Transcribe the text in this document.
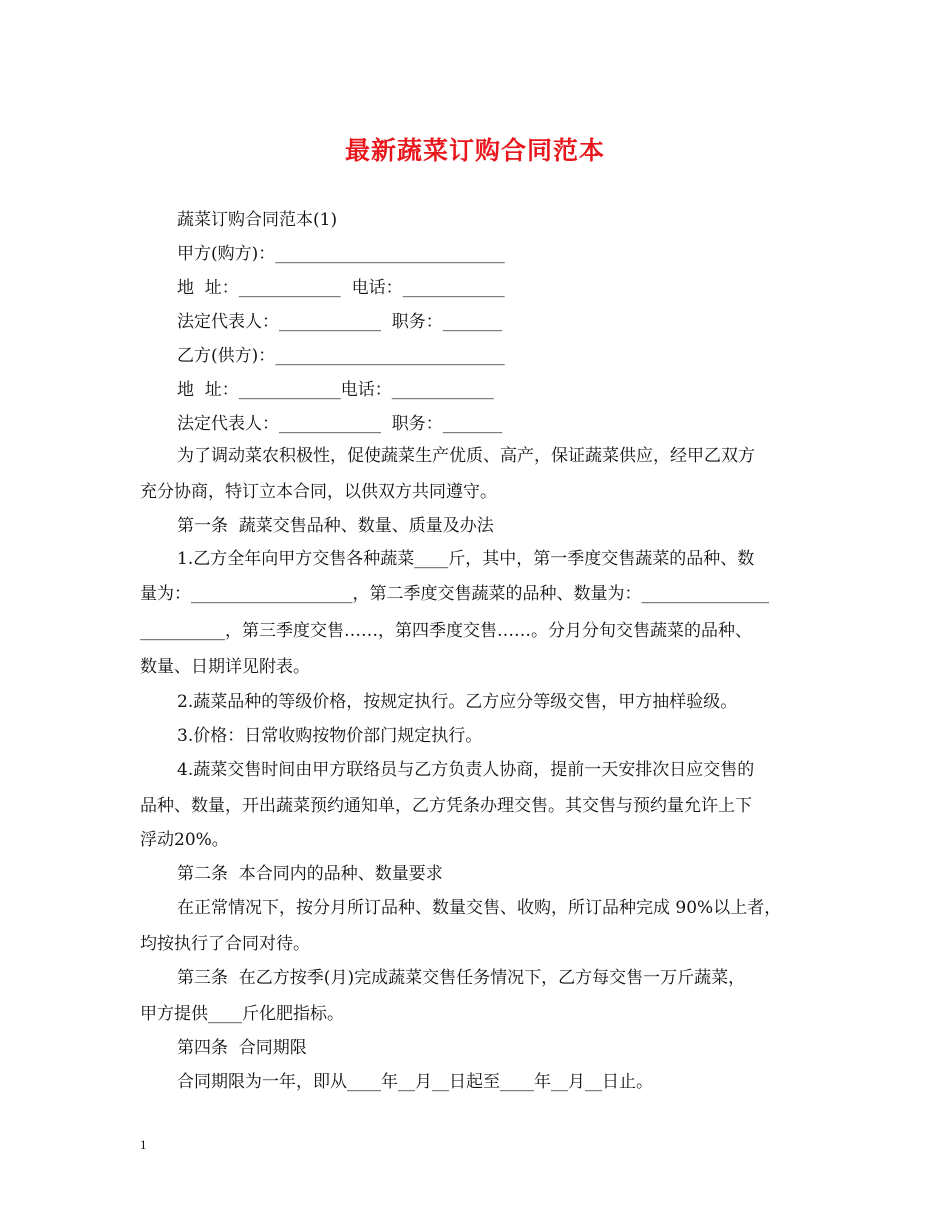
最新蔬菜订购合同范本
蔬菜订购合同范本(1)
甲方(购方)：___________________________
地  址：____________  电话：____________
法定代表人：____________  职务：_______
乙方(供方)：___________________________
地  址：____________电话：____________
法定代表人：____________  职务：_______
为了调动菜农积极性，促使蔬菜生产优质、高产，保证蔬菜供应，经甲乙双方
充分协商，特订立本合同，以供双方共同遵守。
第一条  蔬菜交售品种、数量、质量及办法
1.乙方全年向甲方交售各种蔬菜____斤，其中，第一季度交售蔬菜的品种、数
量为：___________________，第二季度交售蔬菜的品种、数量为：_______________
__________，第三季度交售……，第四季度交售……。分月分旬交售蔬菜的品种、
数量、日期详见附表。
2.蔬菜品种的等级价格，按规定执行。乙方应分等级交售，甲方抽样验级。
3.价格：日常收购按物价部门规定执行。
4.蔬菜交售时间由甲方联络员与乙方负责人协商，提前一天安排次日应交售的
品种、数量，开出蔬菜预约通知单，乙方凭条办理交售。其交售与预约量允许上下
浮动20%。
第二条  本合同内的品种、数量要求
在正常情况下，按分月所订品种、数量交售、收购，所订品种完成 90%以上者，
均按执行了合同对待。
第三条  在乙方按季(月)完成蔬菜交售任务情况下，乙方每交售一万斤蔬菜，
甲方提供____斤化肥指标。
第四条  合同期限
合同期限为一年，即从____年__月__日起至____年__月__日止。
1
